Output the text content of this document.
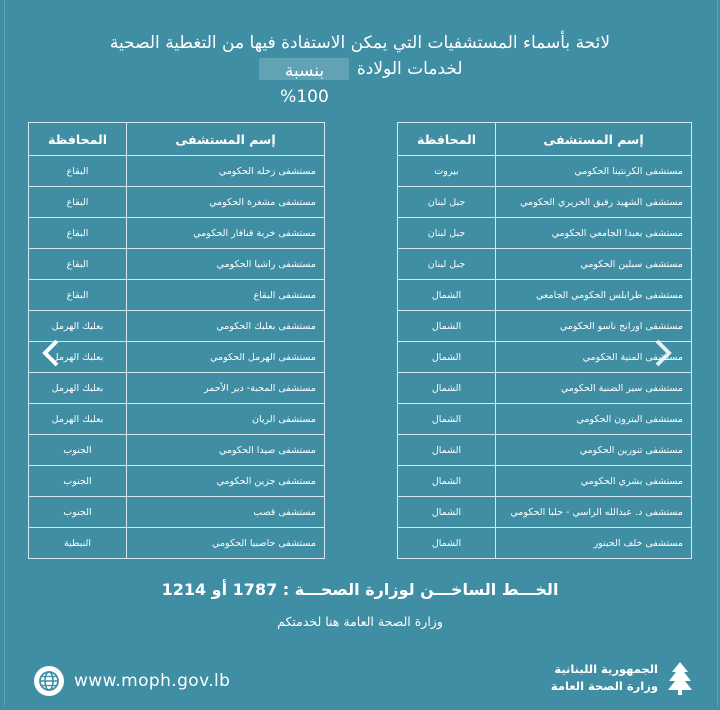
لائحة بأسماء المستشفيات التي يمكن الاستفادة فيها من التغطية الصحية
لخدمات الولادة بنسبة 100%
إسم المستشفى	المحافظة
مستشفى الكرنتينا الحكومي	بيروت
مستشفى الشهيد رفيق الحريري الحكومي	جبل لبنان
مستشفى بعبدا الجامعي الحكومي	جبل لبنان
مستشفى سبلين الحكومي	جبل لبنان
مستشفى طرابلس الحكومي الجامعي	الشمال
مستشفى اورانج ناسو الحكومي	الشمال
مستشفى المنية الحكومي	الشمال
مستشفى سير الضنية الحكومي	الشمال
مستشفى البترون الحكومي	الشمال
مستشفى تنورين الحكومي	الشمال
مستشفى بشري الحكومي	الشمال
مستشفى د. عبدالله الراسي - حلبا الحكومي	الشمال
مستشفى خلف الحبتور	الشمال
إسم المستشفى	المحافظة
مستشفى زحله الحكومي	البقاع
مستشفى مشغرة الحكومي	البقاع
مستشفى خربة قنافار الحكومي	البقاع
مستشفى راشيا الحكومي	البقاع
مستشفى البقاع	البقاع
مستشفى بعلبك الحكومي	بعلبك الهرمل
مستشفى الهرمل الحكومي	بعلبك الهرمل
مستشفى المحبة- دير الأحمر	بعلبك الهرمل
مستشفى الريان	بعلبك الهرمل
مستشفى صيدا الحكومي	الجنوب
مستشفى جزين الحكومي	الجنوب
مستشفى قصب	الجنوب
مستشفى حاصبيا الحكومي	النبطية
الخـــط الساخـــن لوزارة الصحـــة : 1787 أو 1214
وزارة الصحة العامة هنا لخدمتكم
www.moph.gov.lb
الجمهورية اللبنانية
وزارة الصحة العامة
